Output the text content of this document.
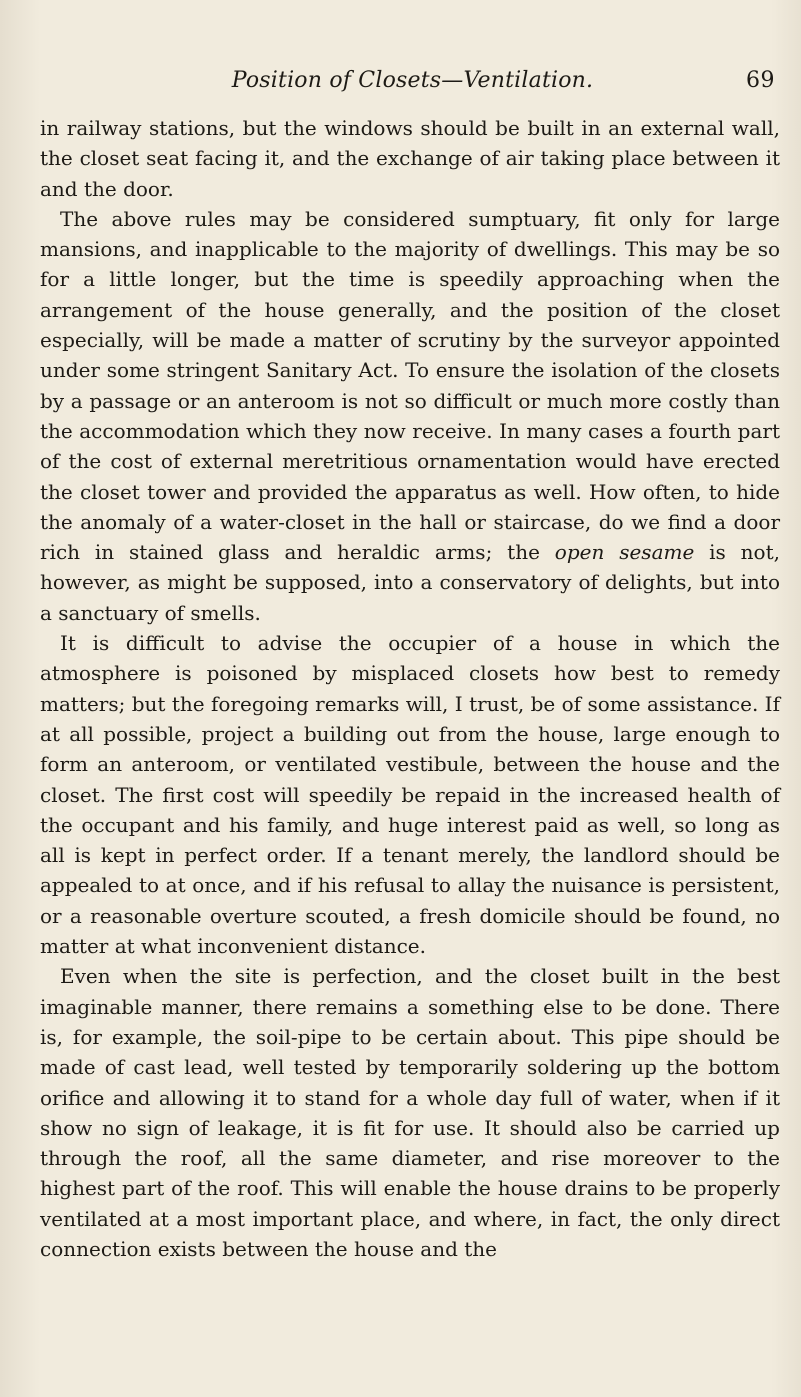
Position of Closets—Ventilation.	69

in railway stations, but the windows should be built in an external wall, the closet seat facing it, and the exchange of air taking place between it and the door.

The above rules may be considered sumptuary, fit only for large mansions, and inapplicable to the majority of dwellings. This may be so for a little longer, but the time is speedily approaching when the arrangement of the house generally, and the position of the closet especially, will be made a matter of scrutiny by the surveyor appointed under some stringent Sanitary Act. To ensure the isolation of the closets by a passage or an anteroom is not so difficult or much more costly than the accommodation which they now receive. In many cases a fourth part of the cost of external meretritious ornamentation would have erected the closet tower and provided the apparatus as well. How often, to hide the anomaly of a water-closet in the hall or staircase, do we find a door rich in stained glass and heraldic arms; the open sesame is not, however, as might be supposed, into a conservatory of delights, but into a sanctuary of smells.

It is difficult to advise the occupier of a house in which the atmosphere is poisoned by misplaced closets how best to remedy matters; but the foregoing remarks will, I trust, be of some assistance. If at all possible, project a building out from the house, large enough to form an anteroom, or ventilated vestibule, between the house and the closet. The first cost will speedily be repaid in the increased health of the occupant and his family, and huge interest paid as well, so long as all is kept in perfect order. If a tenant merely, the landlord should be appealed to at once, and if his refusal to allay the nuisance is persistent, or a reasonable overture scouted, a fresh domicile should be found, no matter at what inconvenient distance.

Even when the site is perfection, and the closet built in the best imaginable manner, there remains a something else to be done. There is, for example, the soil-pipe to be certain about. This pipe should be made of cast lead, well tested by temporarily soldering up the bottom orifice and allowing it to stand for a whole day full of water, when if it show no sign of leakage, it is fit for use. It should also be carried up through the roof, all the same diameter, and rise moreover to the highest part of the roof. This will enable the house drains to be properly ventilated at a most important place, and where, in fact, the only direct connection exists between the house and the
